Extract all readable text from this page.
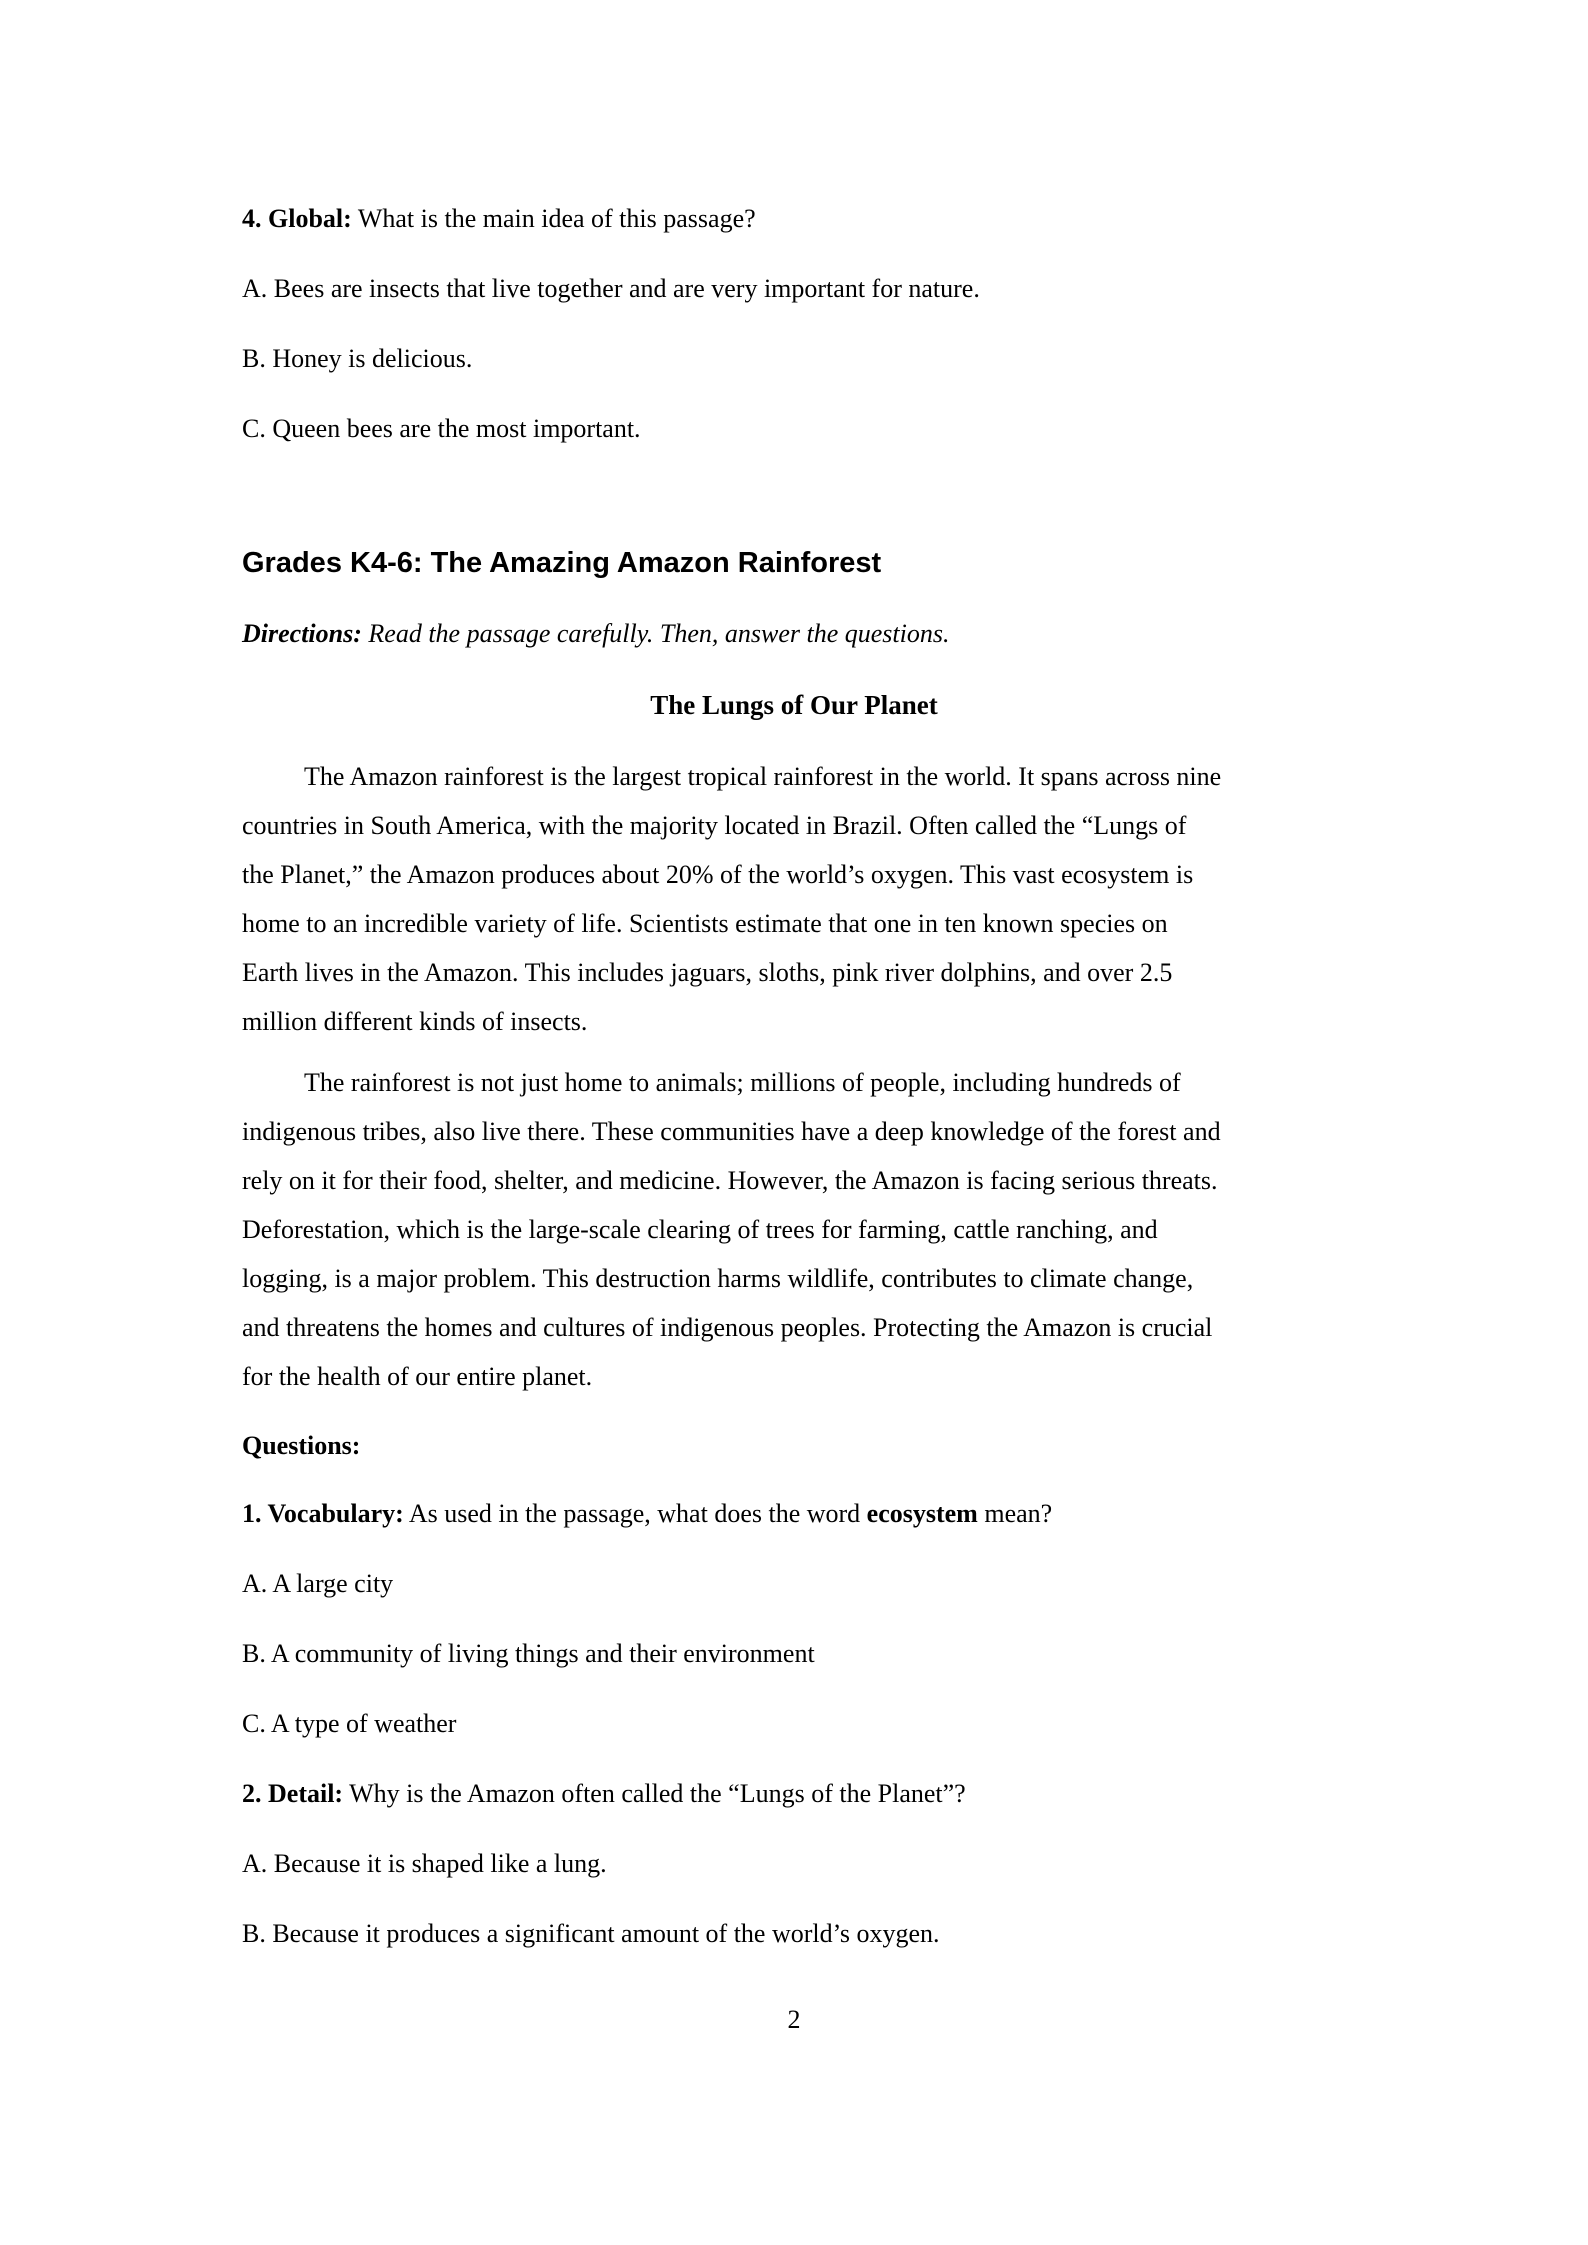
4. Global: What is the main idea of this passage?
A. Bees are insects that live together and are very important for nature.
B. Honey is delicious.
C. Queen bees are the most important.
Grades K4-6: The Amazing Amazon Rainforest
Directions: Read the passage carefully. Then, answer the questions.
The Lungs of Our Planet
The Amazon rainforest is the largest tropical rainforest in the world. It spans across nine
countries in South America, with the majority located in Brazil. Often called the “Lungs of
the Planet,” the Amazon produces about 20% of the world’s oxygen. This vast ecosystem is
home to an incredible variety of life. Scientists estimate that one in ten known species on
Earth lives in the Amazon. This includes jaguars, sloths, pink river dolphins, and over 2.5
million different kinds of insects.
The rainforest is not just home to animals; millions of people, including hundreds of
indigenous tribes, also live there. These communities have a deep knowledge of the forest and
rely on it for their food, shelter, and medicine. However, the Amazon is facing serious threats.
Deforestation, which is the large-scale clearing of trees for farming, cattle ranching, and
logging, is a major problem. This destruction harms wildlife, contributes to climate change,
and threatens the homes and cultures of indigenous peoples. Protecting the Amazon is crucial
for the health of our entire planet.
Questions:
1. Vocabulary: As used in the passage, what does the word ecosystem mean?
A. A large city
B. A community of living things and their environment
C. A type of weather
2. Detail: Why is the Amazon often called the “Lungs of the Planet”?
A. Because it is shaped like a lung.
B. Because it produces a significant amount of the world’s oxygen.
2
